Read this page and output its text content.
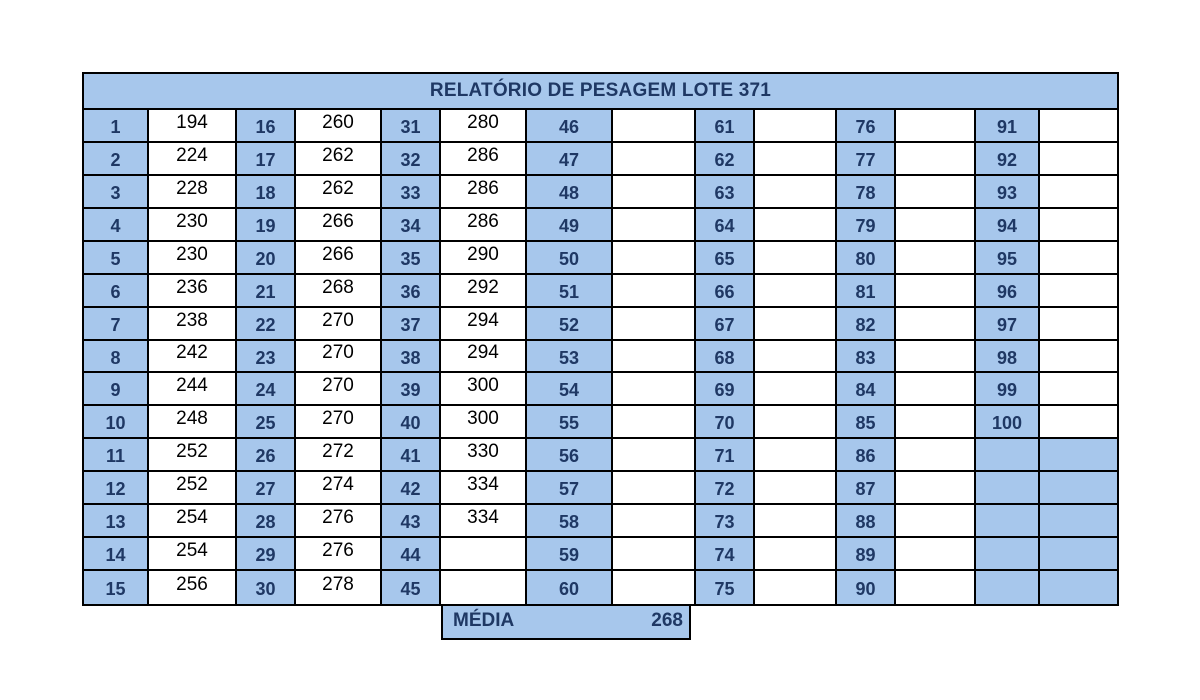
RELATÓRIO DE PESAGEM LOTE 371
1	194
2	224
3	228
4	230
5	230
6	236
7	238
8	242
9	244
10	248
11	252
12	252
13	254
14	254
15	256
16	260
17	262
18	262
19	266
20	266
21	268
22	270
23	270
24	270
25	270
26	272
27	274
28	276
29	276
30	278
31	280
32	286
33	286
34	286
35	290
36	292
37	294
38	294
39	300
40	300
41	330
42	334
43	334
44
45
46
47
48
49
50
51
52
53
54
55
56
57
58
59
60
61
62
63
64
65
66
67
68
69
70
71
72
73
74
75
76
77
78
79
80
81
82
83
84
85
86
87
88
89
90
91
92
93
94
95
96
97
98
99
100
MÉDIA	268
